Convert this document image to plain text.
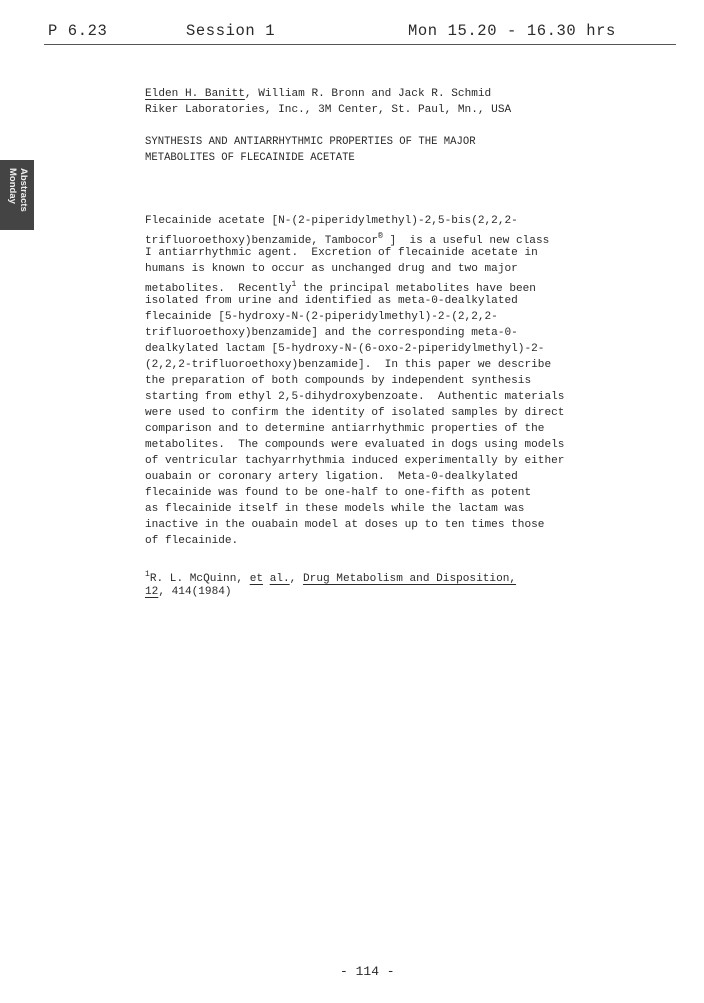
P 6.23	Session 1	Mon 15.20 - 16.30 hrs
Abstracts
Monday
Elden H. Banitt, William R. Bronn and Jack R. Schmid
Riker Laboratories, Inc., 3M Center, St. Paul, Mn., USA
SYNTHESIS AND ANTIARRHYTHMIC PROPERTIES OF THE MAJOR
METABOLITES OF FLECAINIDE ACETATE
Flecainide acetate [N-(2-piperidylmethyl)-2,5-bis(2,2,2-
trifluoroethoxy)benzamide, Tambocor® ]  is a useful new class
I antiarrhythmic agent.  Excretion of flecainide acetate in
humans is known to occur as unchanged drug and two major
metabolites.  Recently$^1$ the principal metabolites have been
isolated from urine and identified as meta-0-dealkylated
flecainide [5-hydroxy-N-(2-piperidylmethyl)-2-(2,2,2-
trifluoroethoxy)benzamide] and the corresponding meta-0-
dealkylated lactam [5-hydroxy-N-(6-oxo-2-piperidylmethyl)-2-
(2,2,2-trifluoroethoxy)benzamide].  In this paper we describe
the preparation of both compounds by independent synthesis
starting from ethyl 2,5-dihydroxybenzoate.  Authentic materials
were used to confirm the identity of isolated samples by direct
comparison and to determine antiarrhythmic properties of the
metabolites.  The compounds were evaluated in dogs using models
of ventricular tachyarrhythmia induced experimentally by either
ouabain or coronary artery ligation.  Meta-0-dealkylated
flecainide was found to be one-half to one-fifth as potent
as flecainide itself in these models while the lactam was
inactive in the ouabain model at doses up to ten times those
of flecainide.
$^1$R. L. McQuinn, et al., Drug Metabolism and Disposition,
12, 414(1984)
- 114 -
